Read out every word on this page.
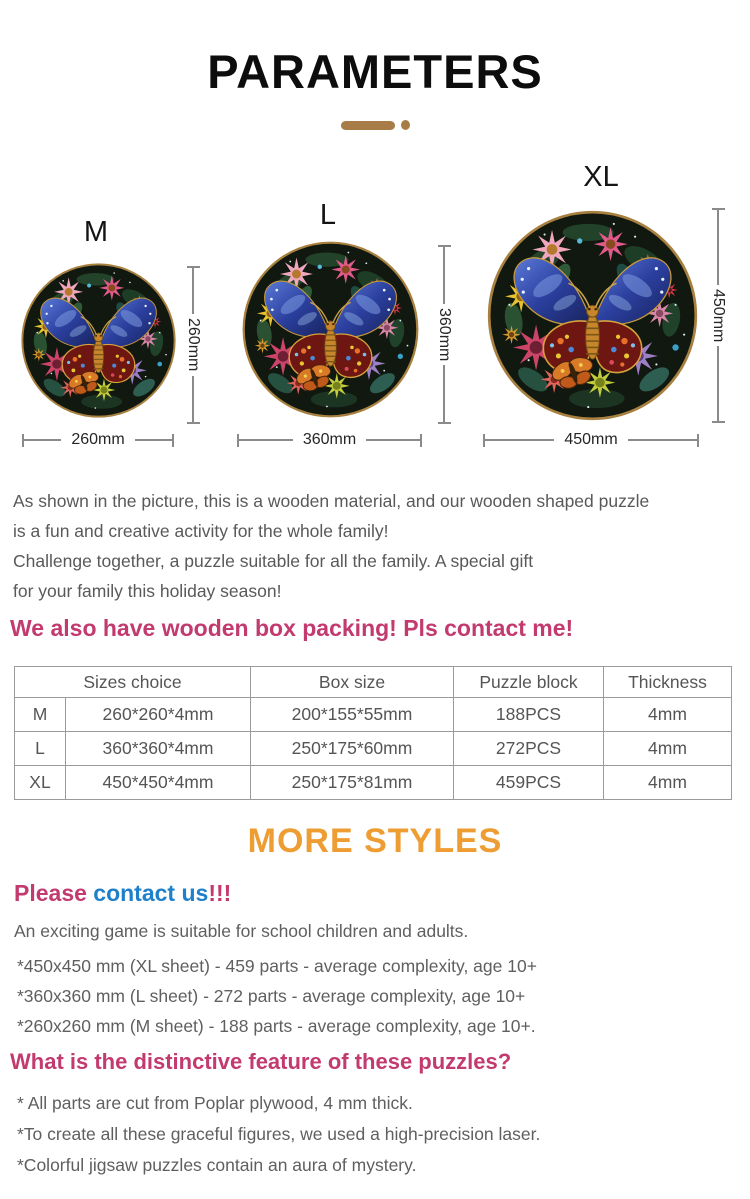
PARAMETERS
M
L
XL
260mm	360mm	450mm
260mm	360mm	450mm
As shown in the picture, this is a wooden material, and our wooden shaped puzzle
is a fun and creative activity for the whole family!
Challenge together, a puzzle suitable for all the family. A special gift
for your family this holiday season!
We also have wooden box packing! Pls contact me!
Sizes choice		Box size	Puzzle block	Thickness
M	260*260*4mm	200*155*55mm	188PCS	4mm
L	360*360*4mm	250*175*60mm	272PCS	4mm
XL	450*450*4mm	250*175*81mm	459PCS	4mm
MORE STYLES
Please contact us!!!
An exciting game is suitable for school children and adults.
*450x450 mm (XL sheet) - 459 parts - average complexity, age 10+
*360x360 mm (L sheet) - 272 parts - average complexity, age 10+
*260x260 mm (M sheet) - 188 parts - average complexity, age 10+.
What is the distinctive feature of these puzzles?
* All parts are cut from Poplar plywood, 4 mm thick.
*To create all these graceful figures, we used a high-precision laser.
*Colorful jigsaw puzzles contain an aura of mystery.
